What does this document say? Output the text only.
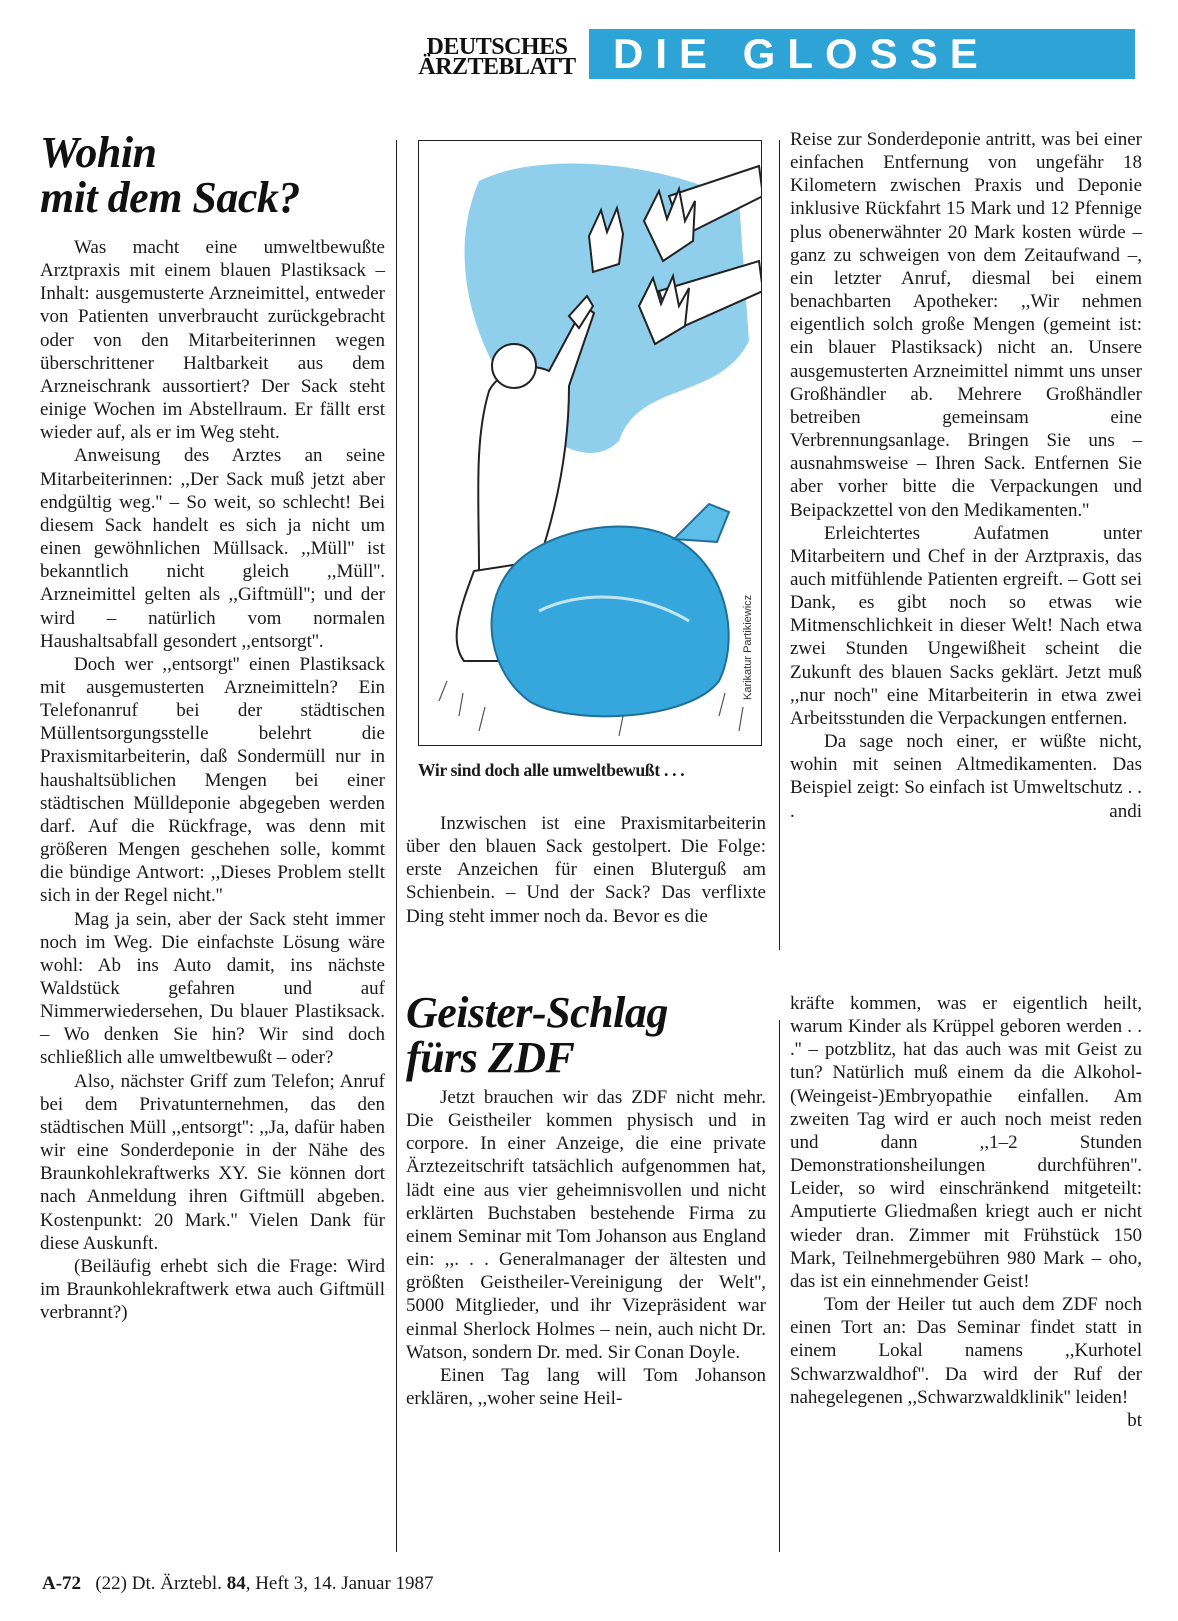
DEUTSCHES
ÄRZTEBLATT DIE GLOSSE
Wohin
mit dem Sack?

Was macht eine umweltbewußte Arztpraxis mit einem blauen Plastiksack – Inhalt: ausgemusterte Arzneimittel, entweder von Patienten unverbraucht zurückgebracht oder von den Mitarbeiterinnen wegen überschrittener Haltbarkeit aus dem Arzneischrank aussortiert? Der Sack steht einige Wochen im Abstellraum. Er fällt erst wieder auf, als er im Weg steht.

Anweisung des Arztes an seine Mitarbeiterinnen: ,,Der Sack muß jetzt aber endgültig weg.'' – So weit, so schlecht! Bei diesem Sack handelt es sich ja nicht um einen gewöhnlichen Müllsack. ,,Müll'' ist bekanntlich nicht gleich ,,Müll''. Arzneimittel gelten als ,,Giftmüll''; und der wird – natürlich vom normalen Haushaltsabfall gesondert ,,entsorgt''.

Doch wer ,,entsorgt'' einen Plastiksack mit ausgemusterten Arzneimitteln? Ein Telefonanruf bei der städtischen Müllentsorgungsstelle belehrt die Praxismitarbeiterin, daß Sondermüll nur in haushaltsüblichen Mengen bei einer städtischen Mülldeponie abgegeben werden darf. Auf die Rückfrage, was denn mit größeren Mengen geschehen solle, kommt die bündige Antwort: ,,Dieses Problem stellt sich in der Regel nicht.''

Mag ja sein, aber der Sack steht immer noch im Weg. Die einfachste Lösung wäre wohl: Ab ins Auto damit, ins nächste Waldstück gefahren und auf Nimmerwiedersehen, Du blauer Plastiksack. – Wo denken Sie hin? Wir sind doch schließlich alle umweltbewußt – oder?

Also, nächster Griff zum Telefon; Anruf bei dem Privatunternehmen, das den städtischen Müll ,,entsorgt'': ,,Ja, dafür haben wir eine Sonderdeponie in der Nähe des Braunkohlekraftwerks XY. Sie können dort nach Anmeldung ihren Giftmüll abgeben. Kostenpunkt: 20 Mark.'' Vielen Dank für diese Auskunft.

(Beiläufig erhebt sich die Frage: Wird im Braunkohlekraftwerk etwa auch Giftmüll verbrannt?)

Karikatur Partikiewicz
Wir sind doch alle umweltbewußt . . .

Inzwischen ist eine Praxismitarbeiterin über den blauen Sack gestolpert. Die Folge: erste Anzeichen für einen Bluterguß am Schienbein. – Und der Sack? Das verflixte Ding steht immer noch da. Bevor es die

Reise zur Sonderdeponie antritt, was bei einer einfachen Entfernung von ungefähr 18 Kilometern zwischen Praxis und Deponie inklusive Rückfahrt 15 Mark und 12 Pfennige plus obenerwähnter 20 Mark kosten würde – ganz zu schweigen von dem Zeitaufwand –, ein letzter Anruf, diesmal bei einem benachbarten Apotheker: ,,Wir nehmen eigentlich solch große Mengen (gemeint ist: ein blauer Plastiksack) nicht an. Unsere ausgemusterten Arzneimittel nimmt uns unser Großhändler ab. Mehrere Großhändler betreiben gemeinsam eine Verbrennungsanlage. Bringen Sie uns – ausnahmsweise – Ihren Sack. Entfernen Sie aber vorher bitte die Verpackungen und Beipackzettel von den Medikamenten.''

Erleichtertes Aufatmen unter Mitarbeitern und Chef in der Arztpraxis, das auch mitfühlende Patienten ergreift. – Gott sei Dank, es gibt noch so etwas wie Mitmenschlichkeit in dieser Welt! Nach etwa zwei Stunden Ungewißheit scheint die Zukunft des blauen Sacks geklärt. Jetzt muß ,,nur noch'' eine Mitarbeiterin in etwa zwei Arbeitsstunden die Verpackungen entfernen.

Da sage noch einer, er wüßte nicht, wohin mit seinen Altmedikamenten. Das Beispiel zeigt: So einfach ist Umweltschutz . . .	andi

Geister-Schlag
fürs ZDF

Jetzt brauchen wir das ZDF nicht mehr. Die Geistheiler kommen physisch und in corpore. In einer Anzeige, die eine private Ärztezeitschrift tatsächlich aufgenommen hat, lädt eine aus vier geheimnisvollen und nicht erklärten Buchstaben bestehende Firma zu einem Seminar mit Tom Johanson aus England ein: ,,. . . Generalmanager der ältesten und größten Geistheiler-Vereinigung der Welt'', 5000 Mitglieder, und ihr Vizepräsident war einmal Sherlock Holmes – nein, auch nicht Dr. Watson, sondern Dr. med. Sir Conan Doyle.

Einen Tag lang will Tom Johanson erklären, ,,woher seine Heil-

kräfte kommen, was er eigentlich heilt, warum Kinder als Krüppel geboren werden . . .'' – potzblitz, hat das auch was mit Geist zu tun? Natürlich muß einem da die Alkohol-(Weingeist-)Embryopathie einfallen. Am zweiten Tag wird er auch noch meist reden und dann ,,1–2 Stunden Demonstrationsheilungen durchführen''. Leider, so wird einschränkend mitgeteilt: Amputierte Gliedmaßen kriegt auch er nicht wieder dran. Zimmer mit Frühstück 150 Mark, Teilnehmergebühren 980 Mark – oho, das ist ein einnehmender Geist!

Tom der Heiler tut auch dem ZDF noch einen Tort an: Das Seminar findet statt in einem Lokal namens ,,Kurhotel Schwarzwaldhof''. Da wird der Ruf der nahegelegenen ,,Schwarzwaldklinik'' leiden!
bt

A-72 (22) Dt. Ärztebl. 84, Heft 3, 14. Januar 1987
